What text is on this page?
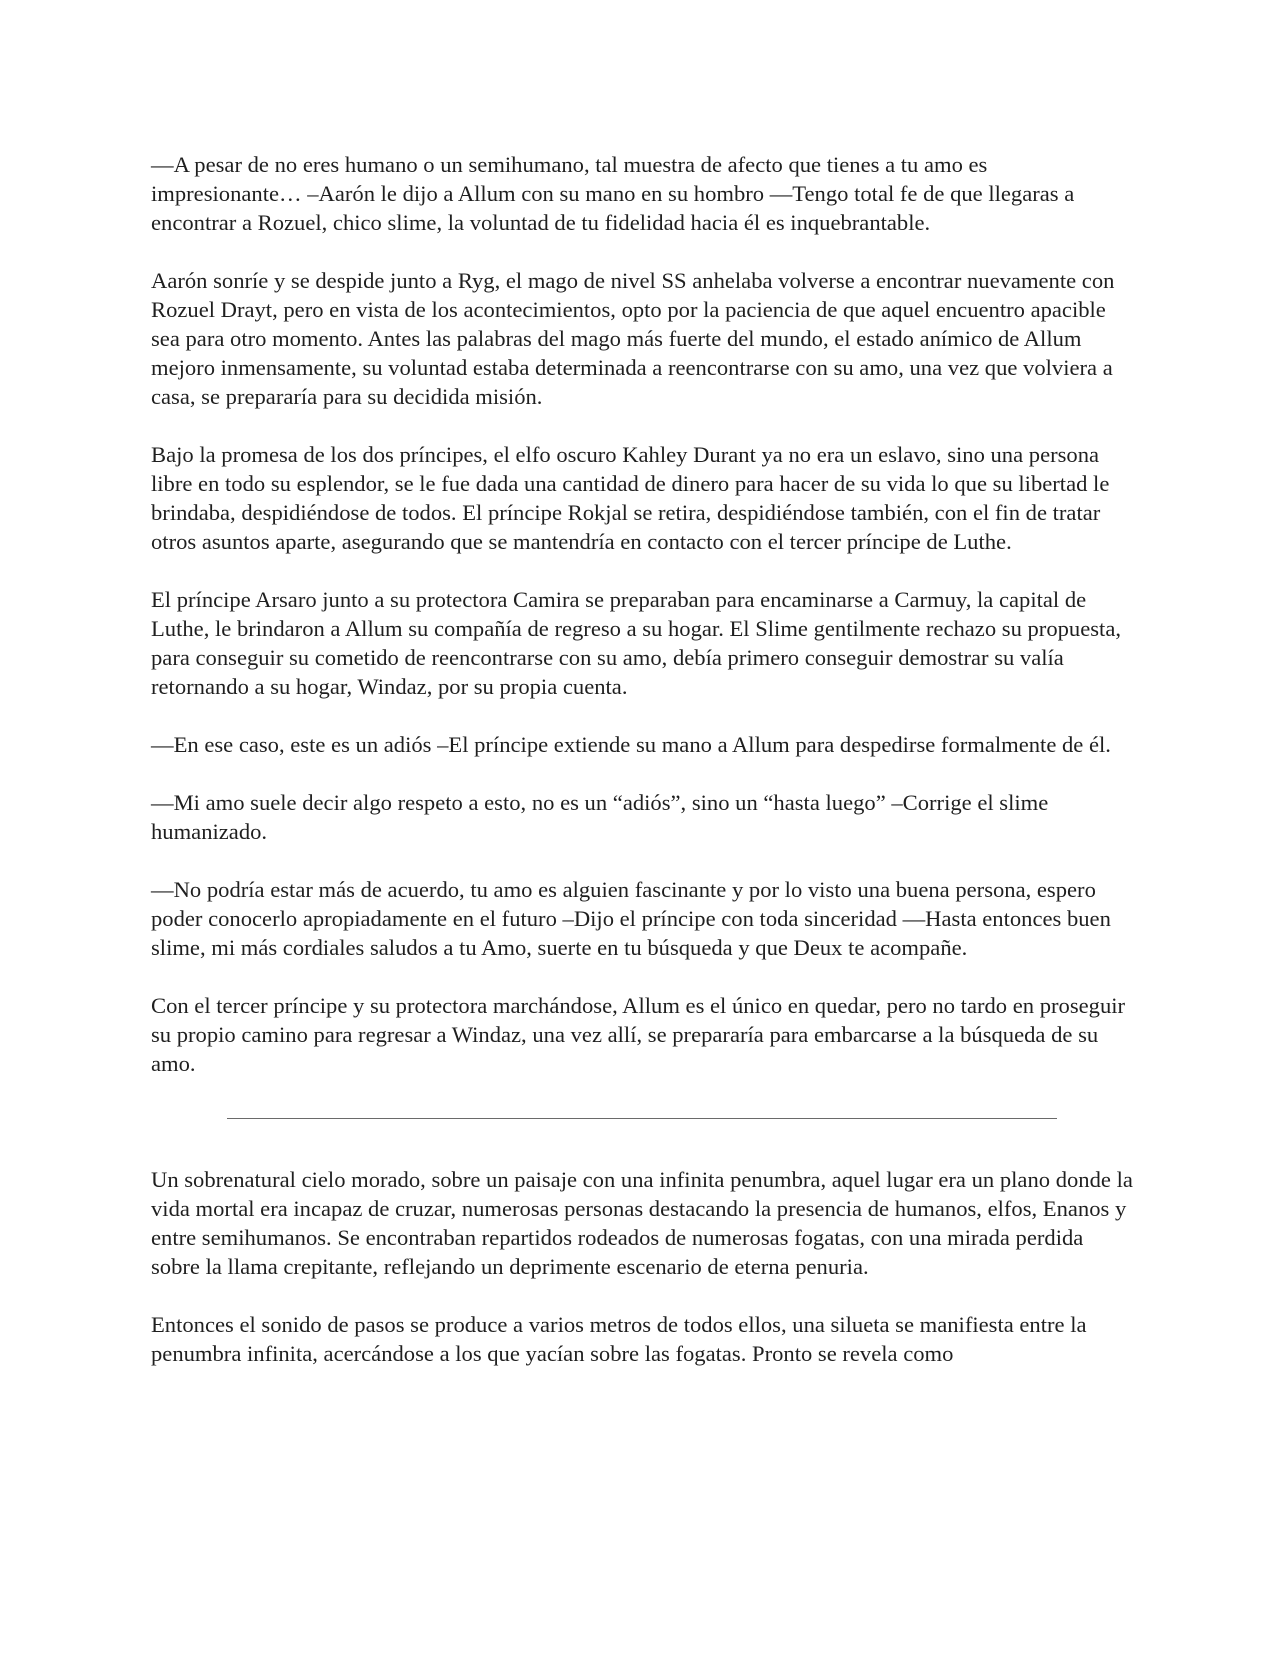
—A pesar de no eres humano o un semihumano, tal muestra de afecto que tienes a tu amo es impresionante… –Aarón le dijo a Allum con su mano en su hombro —Tengo total fe de que llegaras a encontrar a Rozuel, chico slime, la voluntad de tu fidelidad hacia él es inquebrantable.

Aarón sonríe y se despide junto a Ryg, el mago de nivel SS anhelaba volverse a encontrar nuevamente con Rozuel Drayt, pero en vista de los acontecimientos, opto por la paciencia de que aquel encuentro apacible sea para otro momento. Antes las palabras del mago más fuerte del mundo, el estado anímico de Allum mejoro inmensamente, su voluntad estaba determinada a reencontrarse con su amo, una vez que volviera a casa, se prepararía para su decidida misión.

Bajo la promesa de los dos príncipes, el elfo oscuro Kahley Durant ya no era un eslavo, sino una persona libre en todo su esplendor, se le fue dada una cantidad de dinero para hacer de su vida lo que su libertad le brindaba, despidiéndose de todos. El príncipe Rokjal se retira, despidiéndose también, con el fin de tratar otros asuntos aparte, asegurando que se mantendría en contacto con el tercer príncipe de Luthe.

El príncipe Arsaro junto a su protectora Camira se preparaban para encaminarse a Carmuy, la capital de Luthe, le brindaron a Allum su compañía de regreso a su hogar. El Slime gentilmente rechazo su propuesta, para conseguir su cometido de reencontrarse con su amo, debía primero conseguir demostrar su valía retornando a su hogar, Windaz, por su propia cuenta.

—En ese caso, este es un adiós –El príncipe extiende su mano a Allum para despedirse formalmente de él.

—Mi amo suele decir algo respeto a esto, no es un “adiós”, sino un “hasta luego” –Corrige el slime humanizado.

—No podría estar más de acuerdo, tu amo es alguien fascinante y por lo visto una buena persona, espero poder conocerlo apropiadamente en el futuro –Dijo el príncipe con toda sinceridad —Hasta entonces buen slime, mi más cordiales saludos a tu Amo, suerte en tu búsqueda y que Deux te acompañe.

Con el tercer príncipe y su protectora marchándose, Allum es el único en quedar, pero no tardo en proseguir su propio camino para regresar a Windaz, una vez allí, se prepararía para embarcarse a la búsqueda de su amo.

Un sobrenatural cielo morado, sobre un paisaje con una infinita penumbra, aquel lugar era un plano donde la vida mortal era incapaz de cruzar, numerosas personas destacando la presencia de humanos, elfos, Enanos y entre semihumanos. Se encontraban repartidos rodeados de numerosas fogatas, con una mirada perdida sobre la llama crepitante, reflejando un deprimente escenario de eterna penuria.

Entonces el sonido de pasos se produce a varios metros de todos ellos, una silueta se manifiesta entre la penumbra infinita, acercándose a los que yacían sobre las fogatas. Pronto se revela como
